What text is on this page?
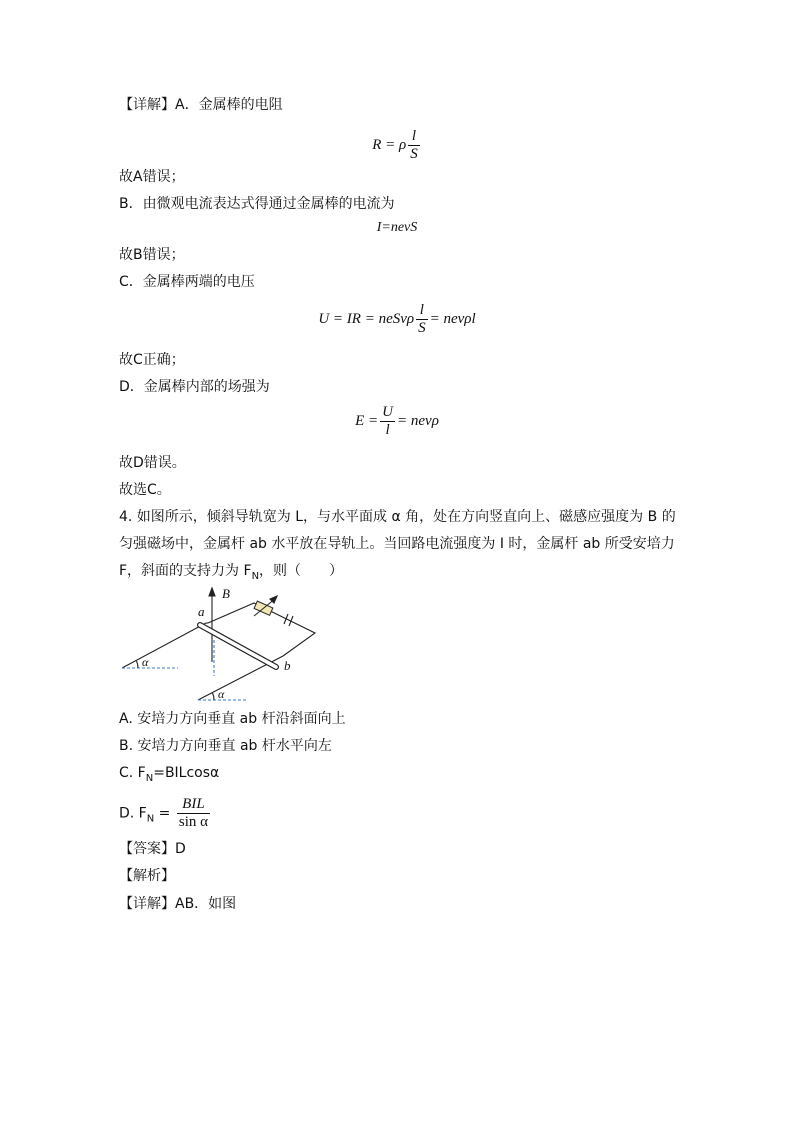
【详解】A．金属棒的电阻
R = ρ $\frac{l}{S}$
故A错误；
B．由微观电流表达式得通过金属棒的电流为
I=nevS
故B错误；
C．金属棒两端的电压
U = IR = neSvρ $\frac{l}{S} = nev\rho l$
故C正确；
D．金属棒内部的场强为
$E = \frac{U}{l} = nev\rho$
故D错误。
故选C。
4. 如图所示，倾斜导轨宽为 L，与水平面成 α 角，处在方向竖直向上、磁感应强度为 B 的
匀强磁场中，金属杆 ab 水平放在导轨上。当回路电流强度为 I 时，金属杆 ab 所受安培力
F，斜面的支持力为 $F_N$，则（　　）
B
a
b
α
α
A. 安培力方向垂直 ab 杆沿斜面向上
B. 安培力方向垂直 ab 杆水平向左
C. $F_N=BILcos\alpha$
D. $F_N = \frac{\text{BIL}}{\text{sin α}}$
【答案】D
【解析】
【详解】AB．如图
